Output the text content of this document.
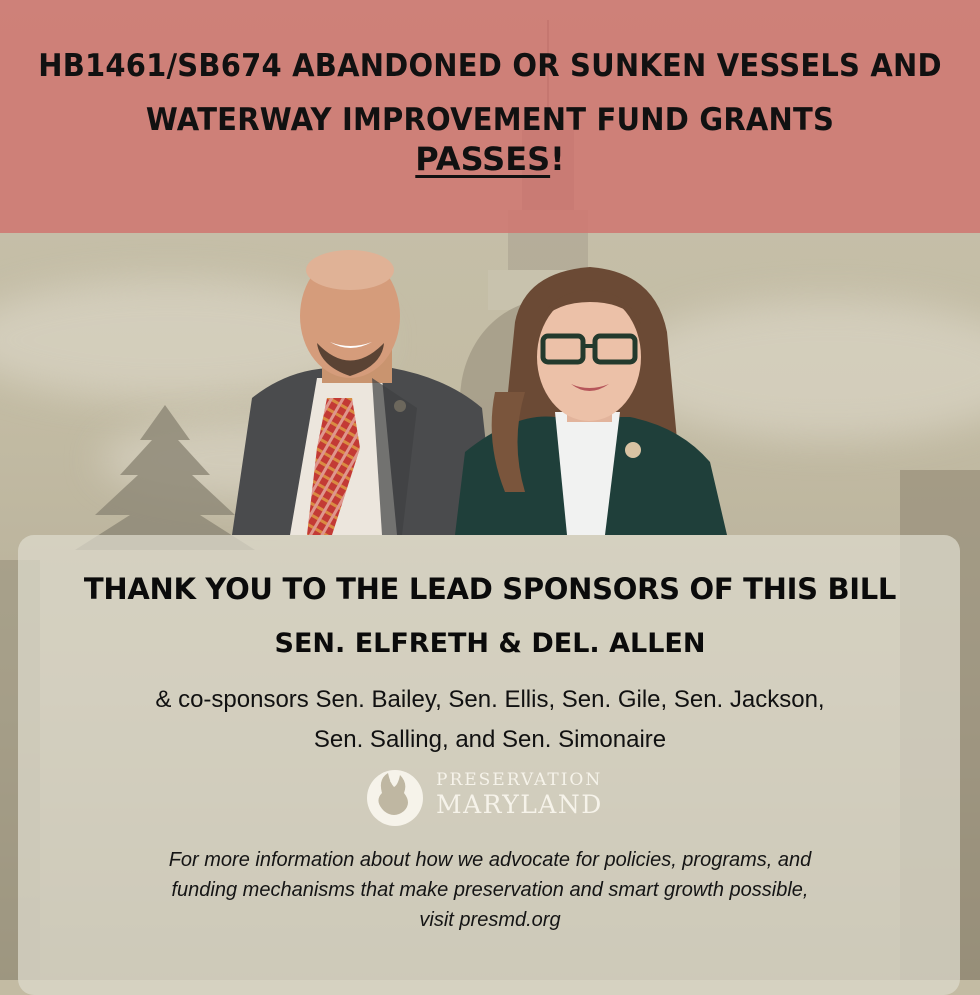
HB1461/SB674 ABANDONED OR SUNKEN VESSELS AND
WATERWAY IMPROVEMENT FUND GRANTS
PASSES!
THANK YOU TO THE LEAD SPONSORS OF THIS BILL
SEN. ELFRETH & DEL. ALLEN
& co-sponsors Sen. Bailey, Sen. Ellis, Sen. Gile, Sen. Jackson,
Sen. Salling, and Sen. Simonaire
PRESERVATION
MARYLAND
For more information about how we advocate for policies, programs, and
funding mechanisms that make preservation and smart growth possible,
visit presmd.org
